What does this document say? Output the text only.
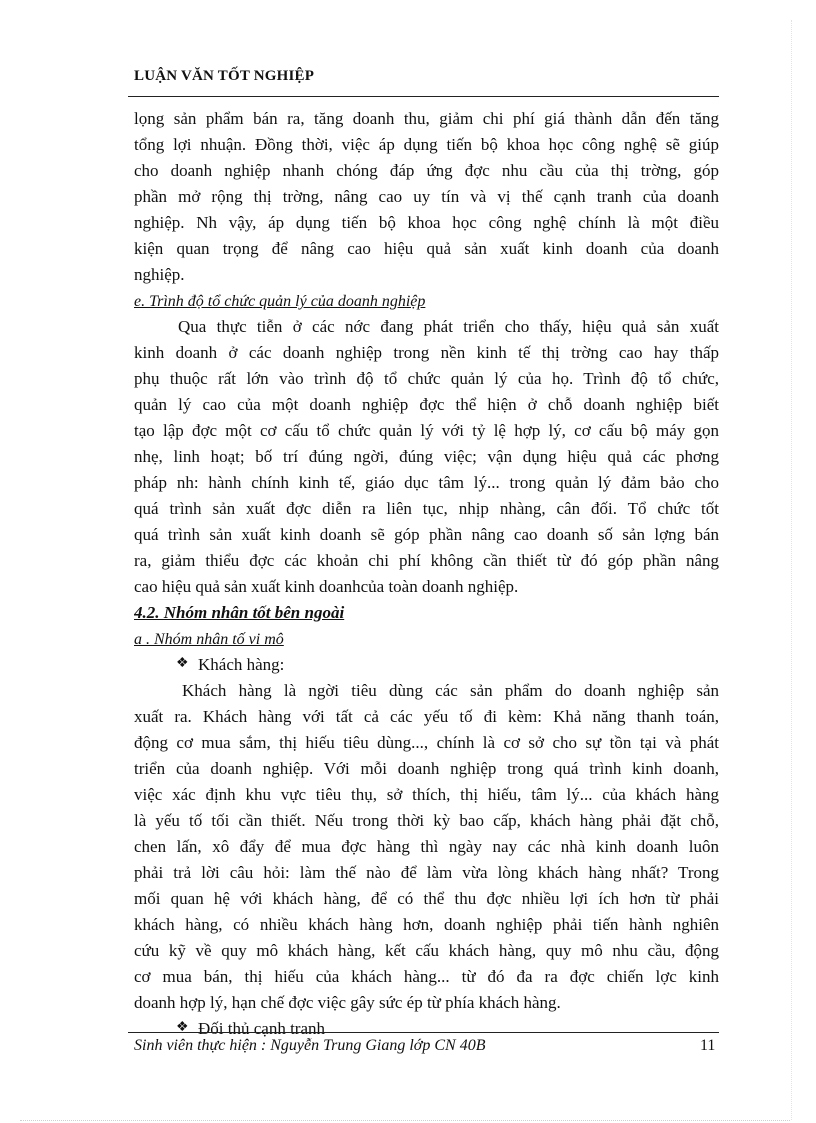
LUẬN VĂN TỐT NGHIỆP
lọng sản phẩm bán ra, tăng doanh thu, giảm chi phí giá thành dẫn đến tăng
tổng lợi nhuận. Đồng thời, việc áp dụng tiến bộ khoa học công nghệ sẽ giúp
cho doanh nghiệp nhanh chóng đáp ứng đợc nhu cầu của thị trờng, góp
phần mở rộng thị trờng, nâng cao uy tín và vị thế cạnh tranh của doanh
nghiệp. Nh vậy, áp dụng tiến bộ khoa học công nghệ chính là một điều
kiện quan trọng để nâng cao hiệu quả sản xuất kinh doanh của doanh
nghiệp.
e. Trình độ tổ chức quản lý của doanh nghiệp
Qua thực tiễn ở các nớc đang phát triển cho thấy, hiệu quả sản xuất
kinh doanh ở các doanh nghiệp trong nền kinh tế thị trờng cao hay thấp
phụ thuộc rất lớn vào trình độ tổ chức quản lý của họ. Trình độ tổ chức,
quản lý cao của một doanh nghiệp đợc thể hiện ở chỗ doanh nghiệp biết
tạo lập đợc một cơ cấu tổ chức quản lý với tỷ lệ hợp lý, cơ cấu bộ máy gọn
nhẹ, linh hoạt; bố trí đúng ngời, đúng việc; vận dụng hiệu quả các phơng
pháp nh: hành chính kinh tế, giáo dục tâm lý... trong quản lý đảm bảo cho
quá trình sản xuất đợc diễn ra liên tục, nhịp nhàng, cân đối. Tổ chức tốt
quá trình sản xuất kinh doanh sẽ góp phần nâng cao doanh số sản lợng bán
ra, giảm thiểu đợc các khoản chi phí không cần thiết từ đó góp phần nâng
cao hiệu quả sản xuất kinh doanhcủa toàn doanh nghiệp.
4.2. Nhóm nhân tốt bên ngoài
a . Nhóm nhân tố vi mô
❖ Khách hàng:
Khách hàng là ngời tiêu dùng các sản phẩm do doanh nghiệp sản
xuất ra. Khách hàng với tất cả các yếu tố đi kèm: Khả năng thanh toán,
động cơ mua sắm, thị hiếu tiêu dùng..., chính là cơ sở cho sự tồn tại và phát
triển của doanh nghiệp. Với mỗi doanh nghiệp trong quá trình kinh doanh,
việc xác định khu vực tiêu thụ, sở thích, thị hiếu, tâm lý... của khách hàng
là yếu tố tối cần thiết. Nếu trong thời kỳ bao cấp, khách hàng phải đặt chỗ,
chen lấn, xô đẩy để mua đợc hàng thì ngày nay các nhà kinh doanh luôn
phải trả lời câu hỏi: làm thế nào để làm vừa lòng khách hàng nhất? Trong
mối quan hệ với khách hàng, để có thể thu đợc nhiều lợi ích hơn từ phải
khách hàng, có nhiều khách hàng hơn, doanh nghiệp phải tiến hành nghiên
cứu kỹ về quy mô khách hàng, kết cấu khách hàng, quy mô nhu cầu, động
cơ mua bán, thị hiếu của khách hàng... từ đó đa ra đợc chiến lợc kinh
doanh hợp lý, hạn chế đợc việc gây sức ép từ phía khách hàng.
❖ Đối thủ cạnh tranh
Sinh viên thực hiện : Nguyễn Trung Giang lớp CN 40B	11
